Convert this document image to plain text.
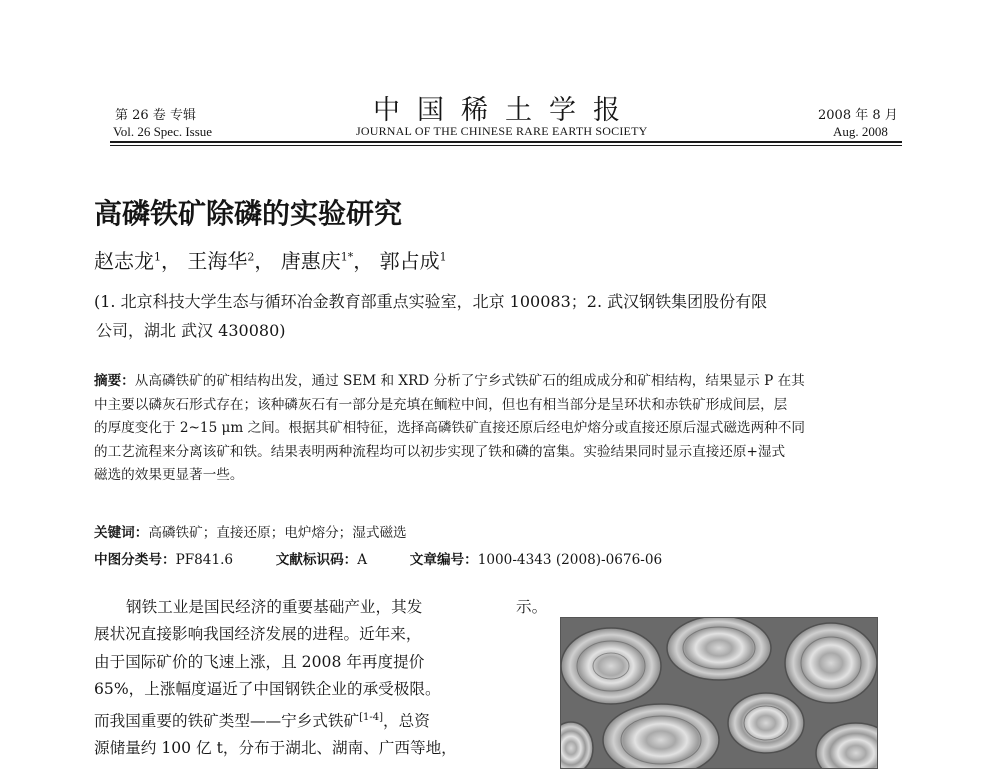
第 26 卷 专辑
Vol. 26 Spec. Issue
中国稀土学报
JOURNAL OF THE CHINESE RARE EARTH SOCIETY
2008 年 8 月
Aug. 2008
高磷铁矿除磷的实验研究
赵志龙$^1$， 王海华$^2$， 唐惠庆$^{1*}$， 郭占成$^1$
(1. 北京科技大学生态与循环冶金教育部重点实验室，北京 100083；2. 武汉钢铁集团股份有限
公司，湖北 武汉 430080)
摘要：从高磷铁矿的矿相结构出发，通过 SEM 和 XRD 分析了宁乡式铁矿石的组成成分和矿相结构，结果显示 P 在其
中主要以磷灰石形式存在；该种磷灰石有一部分是充填在鲕粒中间，但也有相当部分是呈环状和赤铁矿形成间层，层
的厚度变化于 2~15 μm 之间。根据其矿相特征，选择高磷铁矿直接还原后经电炉熔分或直接还原后湿式磁选两种不同
的工艺流程来分离该矿和铁。结果表明两种流程均可以初步实现了铁和磷的富集。实验结果同时显示直接还原+湿式
磁选的效果更显著一些。
关键词：高磷铁矿；直接还原；电炉熔分；湿式磁选
中图分类号：PF841.6	文献标识码：A	文章编号：1000-4343 (2008)-0676-06
钢铁工业是国民经济的重要基础产业，其发
展状况直接影响我国经济发展的进程。近年来，
由于国际矿价的飞速上涨，且 2008 年再度提价
65%，上涨幅度逼近了中国钢铁企业的承受极限。
而我国重要的铁矿类型——宁乡式铁矿[1-4]，总资
源储量约 100 亿 t，分布于湖北、湖南、广西等地，
示。
